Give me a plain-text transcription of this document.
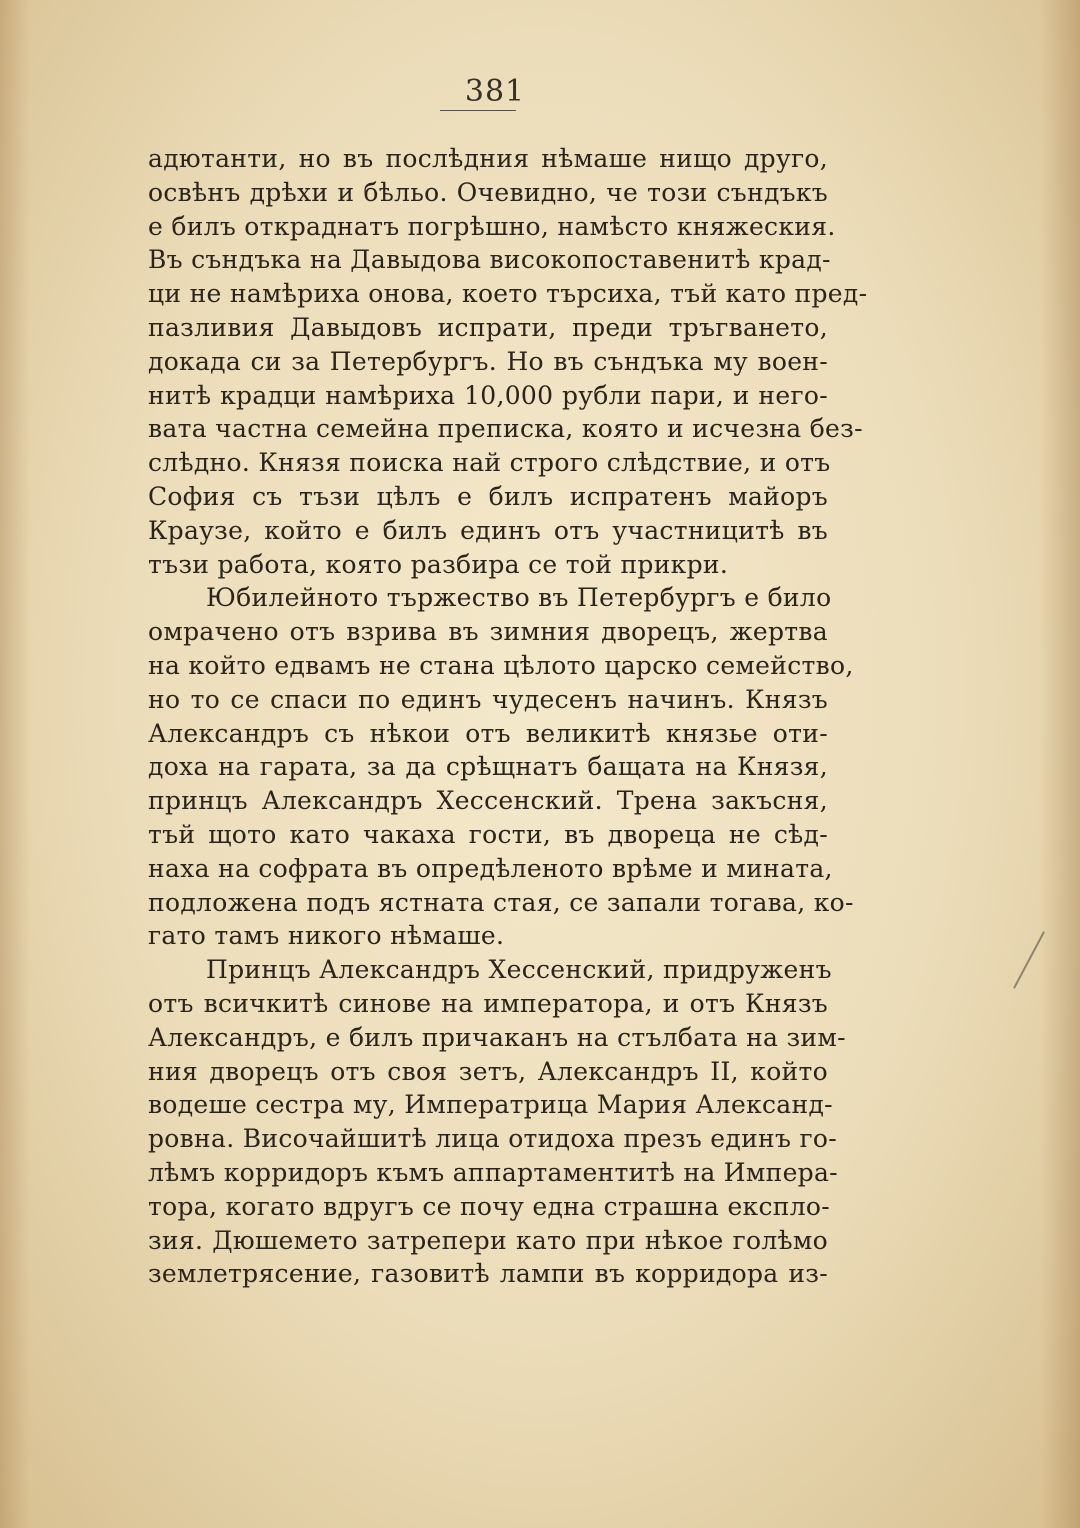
381
адютанти, но въ послѣдния нѣмаше нищо друго,
освѣнъ дрѣхи и бѣльо. Очевидно, че този съндъкъ
е билъ откраднатъ погрѣшно, намѣсто княжеския.
Въ съндъка на Давыдова високопоставенитѣ крад-
ци не намѣриха онова, което търсиха, тъй като пред-
пазливия Давыдовъ испрати, преди тръгването,
докада си за Петербургъ. Но въ съндъка му воен-
нитѣ крадци намѣриха 10,000 рубли пари, и него-
вата частна семейна преписка, която и исчезна без-
слѣдно. Князя поиска най строго слѣдствие, и отъ
София съ тъзи цѣлъ е билъ испратенъ майоръ
Краузе, който е билъ единъ отъ участницитѣ въ
тъзи работа, която разбира се той прикри.
Юбилейното тържество въ Петербургъ е било
омрачено отъ взрива въ зимния дворецъ, жертва
на който едвамъ не стана цѣлото царско семейство,
но то се спаси по единъ чудесенъ начинъ. Князъ
Александръ съ нѣкои отъ великитѣ князье оти-
доха на гарата, за да срѣщнатъ бащата на Князя,
принцъ Александръ Хессенский. Трена закъсня,
тъй щото като чакаха гости, въ двореца не сѣд-
наха на софрата въ опредѣленото врѣме и мината,
подложена подъ ястната стая, се запали тогава, ко-
гато тамъ никого нѣмаше.
Принцъ Александръ Хессенский, придруженъ
отъ всичкитѣ синове на императора, и отъ Князъ
Александръ, е билъ причаканъ на стълбата на зим-
ния дворецъ отъ своя зетъ, Александръ II, който
водеше сестра му, Императрица Мария Александ-
ровна. Височайшитѣ лица отидоха презъ единъ го-
лѣмъ корридоръ къмъ аппартаментитѣ на Импера-
тора, когато вдругъ се почу една страшна експло-
зия. Дюшемето затрепери като при нѣкое голѣмо
землетрясение, газовитѣ лампи въ корридора из-
